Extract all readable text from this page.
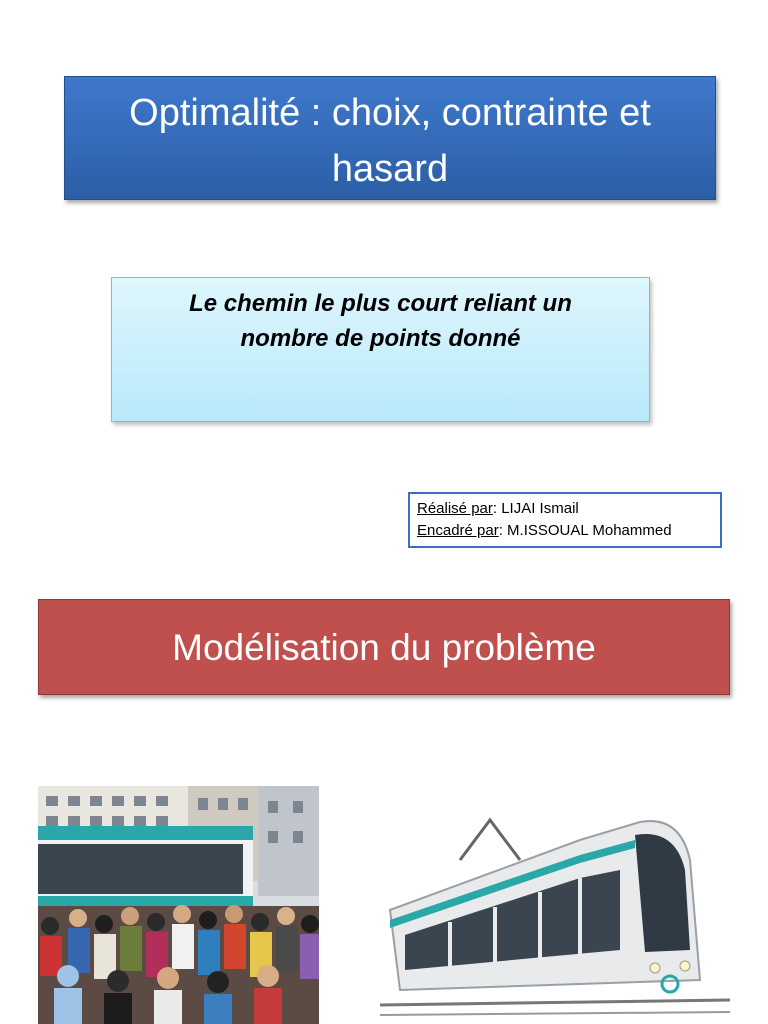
Optimalité : choix, contrainte et
hasard
Le chemin le plus court reliant un
nombre de points donné
Réalisé par: LIJAI Ismail
Encadré par: M.ISSOUAL Mohammed
Modélisation du problème
